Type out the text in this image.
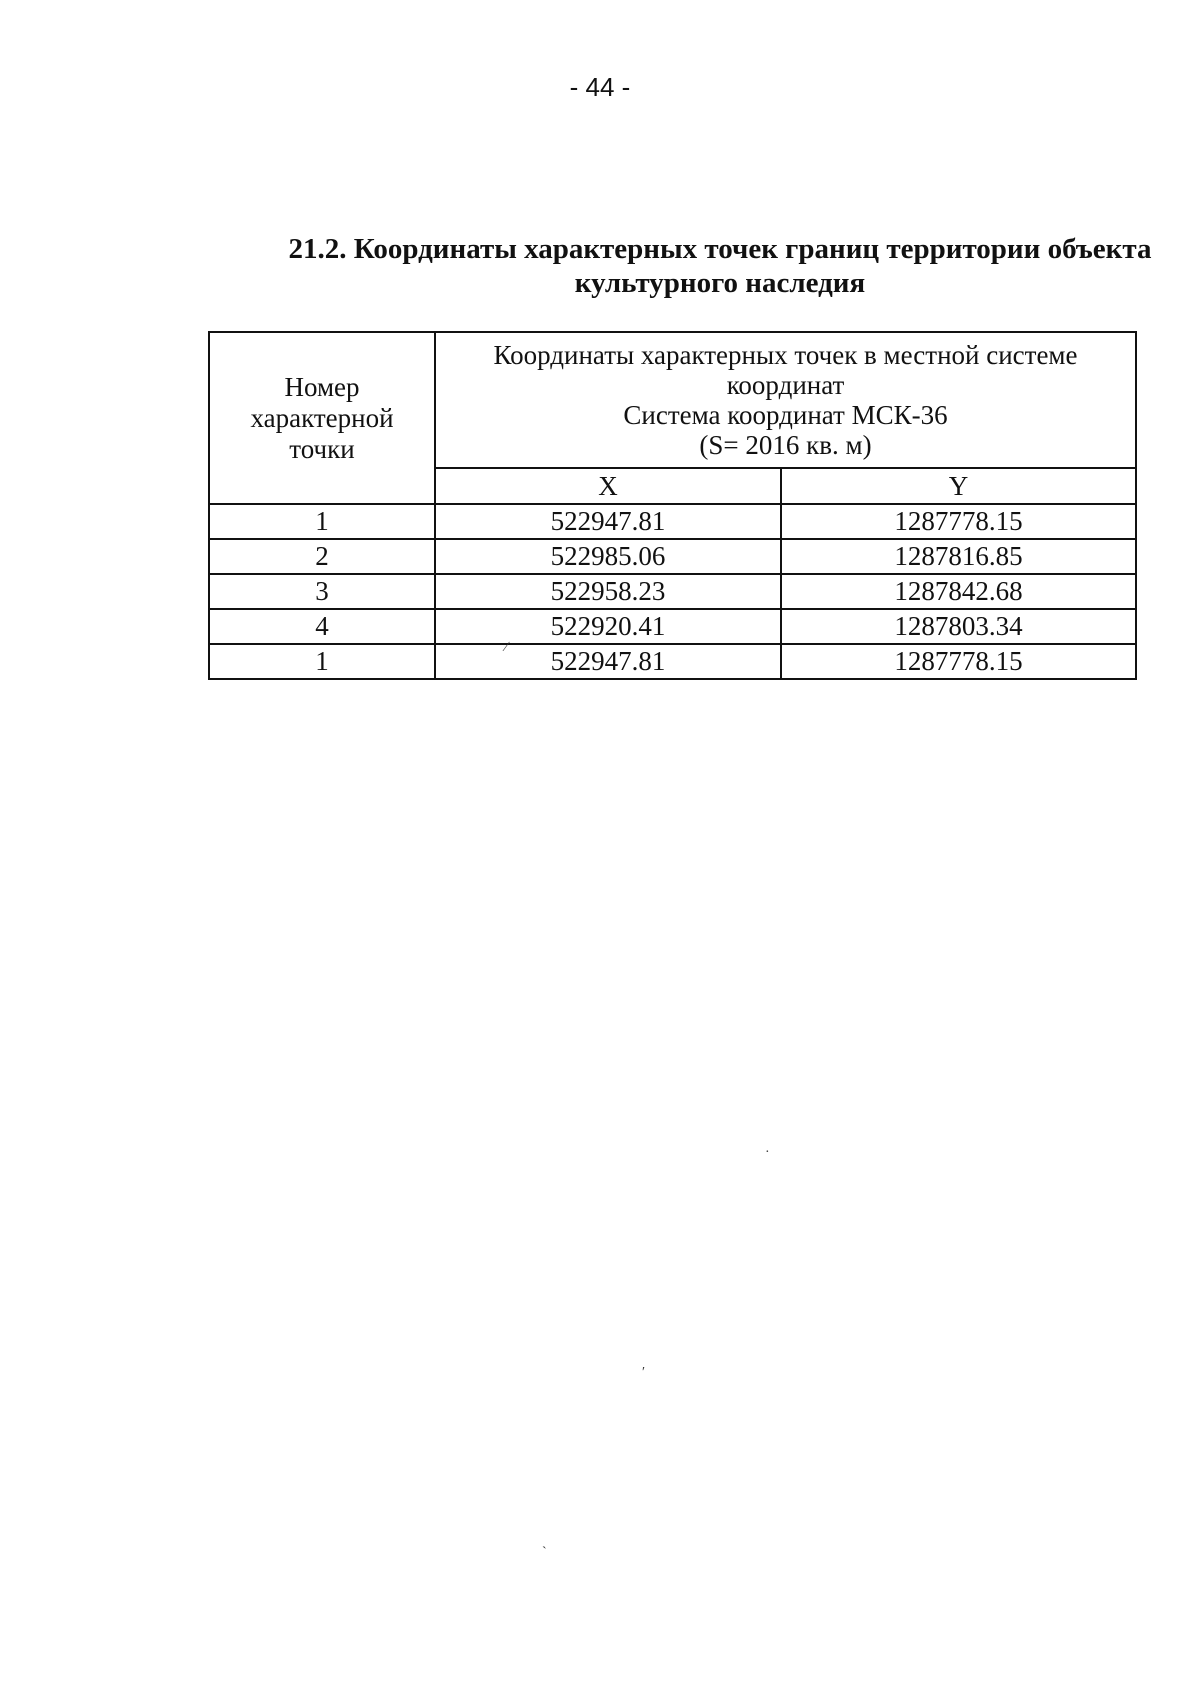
- 44 -
21.2. Координаты характерных точек границ территории объекта
культурного наследия
Номер
характерной
точки	Координаты характерных точек в местной системе
координат
Система координат МСК-36
(S= 2016 кв. м)	

	X	Y
1	522947.81	1287778.15
2	522985.06	1287816.85
3	522958.23	1287842.68
4	522920.41	1287803.34
1	522947.81	1287778.15
∕
·
′
`
